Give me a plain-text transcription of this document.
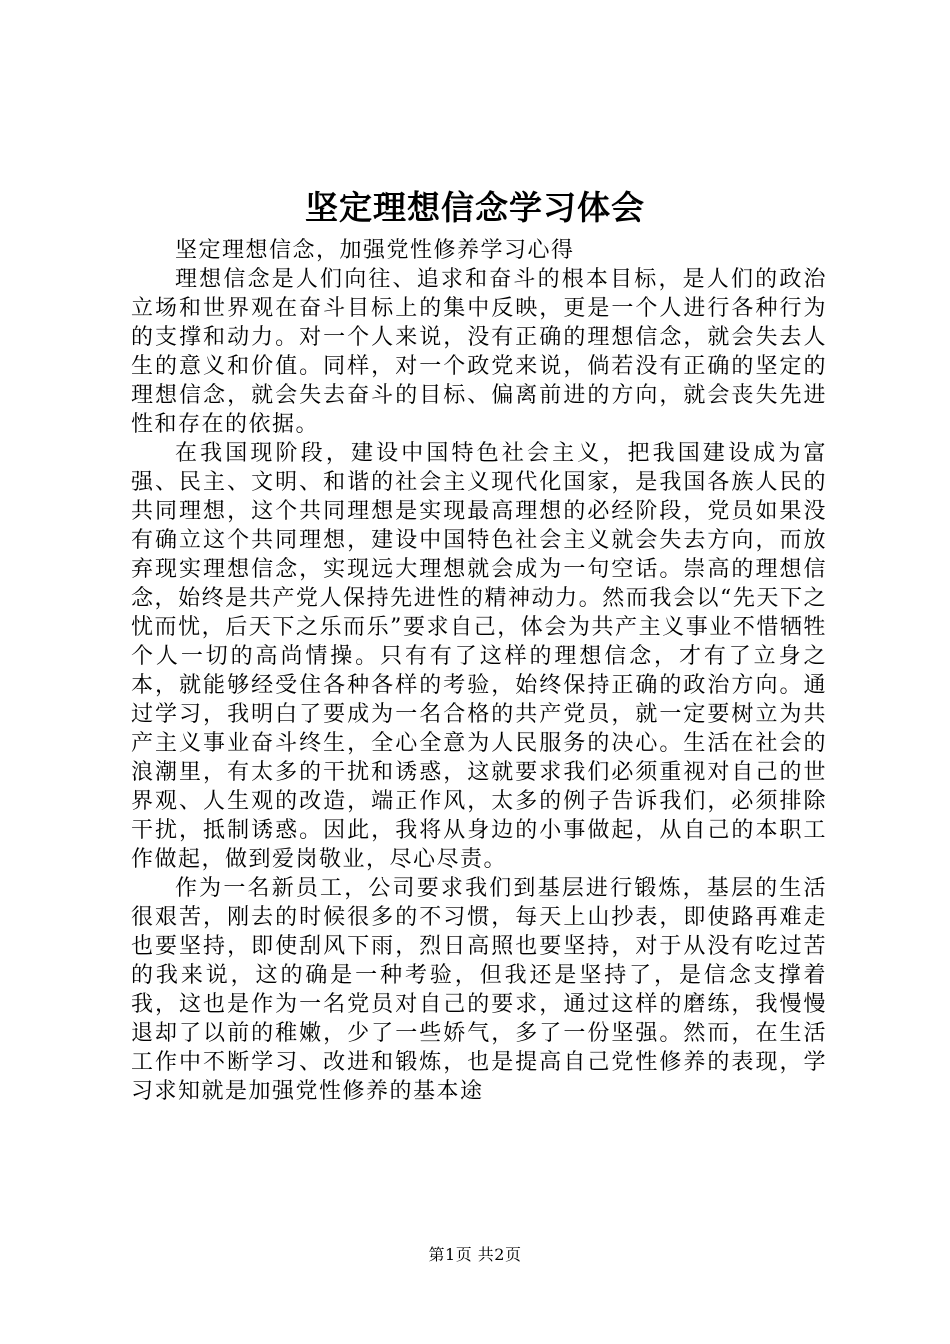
坚定理想信念学习体会

坚定理想信念，加强党性修养学习心得

理想信念是人们向往、追求和奋斗的根本目标，是人们的政治立场和世界观在奋斗目标上的集中反映，更是一个人进行各种行为的支撑和动力。对一个人来说，没有正确的理想信念，就会失去人生的意义和价值。同样，对一个政党来说，倘若没有正确的坚定的理想信念，就会失去奋斗的目标、偏离前进的方向，就会丧失先进性和存在的依据。

在我国现阶段，建设中国特色社会主义，把我国建设成为富强、民主、文明、和谐的社会主义现代化国家，是我国各族人民的共同理想，这个共同理想是实现最高理想的必经阶段，党员如果没有确立这个共同理想，建设中国特色社会主义就会失去方向，而放弃现实理想信念，实现远大理想就会成为一句空话。崇高的理想信念，始终是共产党人保持先进性的精神动力。然而我会以“先天下之忧而忧，后天下之乐而乐”要求自己，体会为共产主义事业不惜牺牲个人一切的高尚情操。只有有了这样的理想信念，才有了立身之本，就能够经受住各种各样的考验，始终保持正确的政治方向。通过学习，我明白了要成为一名合格的共产党员，就一定要树立为共产主义事业奋斗终生，全心全意为人民服务的决心。生活在社会的浪潮里，有太多的干扰和诱惑，这就要求我们必须重视对自己的世界观、人生观的改造，端正作风，太多的例子告诉我们，必须排除干扰，抵制诱惑。因此，我将从身边的小事做起，从自己的本职工作做起，做到爱岗敬业，尽心尽责。

作为一名新员工，公司要求我们到基层进行锻炼，基层的生活很艰苦，刚去的时候很多的不习惯，每天上山抄表，即使路再难走也要坚持，即使刮风下雨，烈日高照也要坚持，对于从没有吃过苦的我来说，这的确是一种考验，但我还是坚持了，是信念支撑着我，这也是作为一名党员对自己的要求，通过这样的磨练，我慢慢退却了以前的稚嫩，少了一些娇气，多了一份坚强。然而，在生活工作中不断学习、改进和锻炼，也是提高自己党性修养的表现，学习求知就是加强党性修养的基本途

第1页 共2页
